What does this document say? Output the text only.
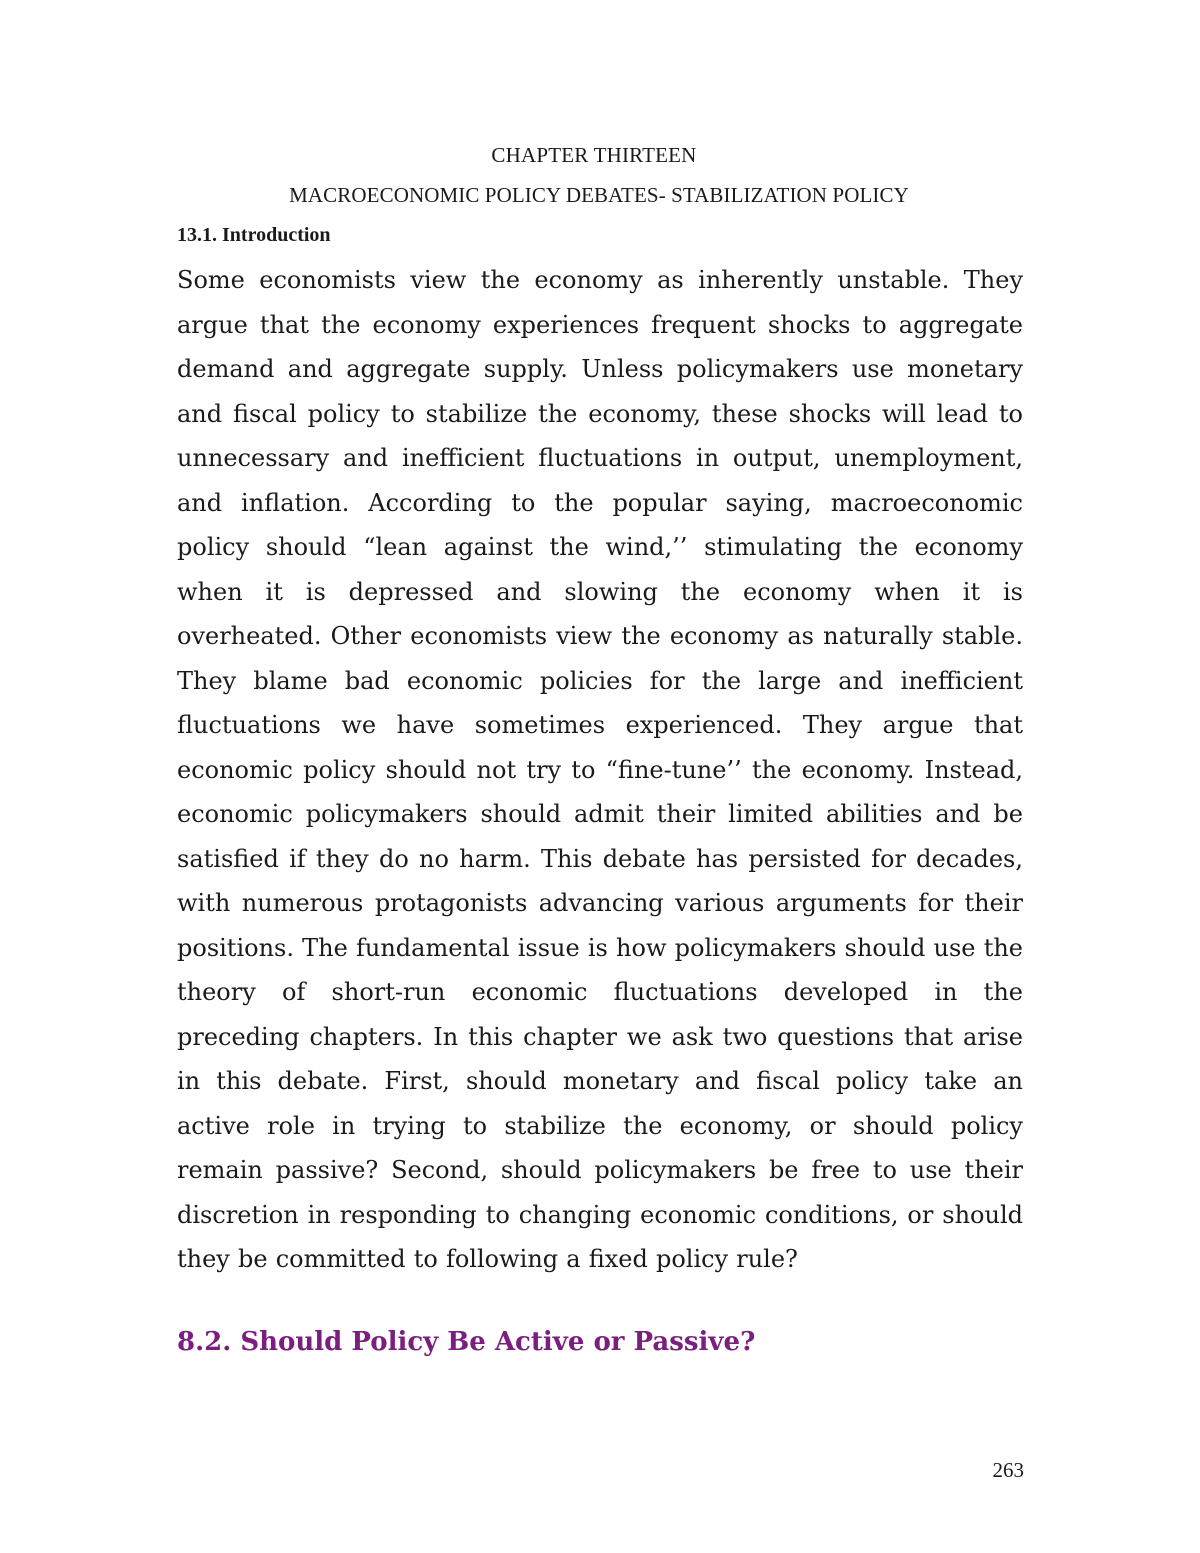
CHAPTER THIRTEEN

MACROECONOMIC POLICY DEBATES- STABILIZATION POLICY

13.1. Introduction

Some economists view the economy as inherently unstable. They argue that the economy experiences frequent shocks to aggregate demand and aggregate supply. Unless policymakers use monetary and fiscal policy to stabilize the economy, these shocks will lead to unnecessary and inefficient fluctuations in output, unemployment, and inflation. According to the popular saying, macroeconomic policy should “lean against the wind,’’ stimulating the economy when it is depressed and slowing the economy when it is overheated. Other economists view the economy as naturally stable. They blame bad economic policies for the large and inefficient fluctuations we have sometimes experienced. They argue that economic policy should not try to “fine-tune’’ the economy. Instead, economic policymakers should admit their limited abilities and be satisfied if they do no harm. This debate has persisted for decades, with numerous protagonists advancing various arguments for their positions. The fundamental issue is how policymakers should use the theory of short-run economic fluctuations developed in the preceding chapters. In this chapter we ask two questions that arise in this debate. First, should monetary and fiscal policy take an active role in trying to stabilize the economy, or should policy remain passive? Second, should policymakers be free to use their discretion in responding to changing economic conditions, or should they be committed to following a fixed policy rule?

8.2. Should Policy Be Active or Passive?

263
